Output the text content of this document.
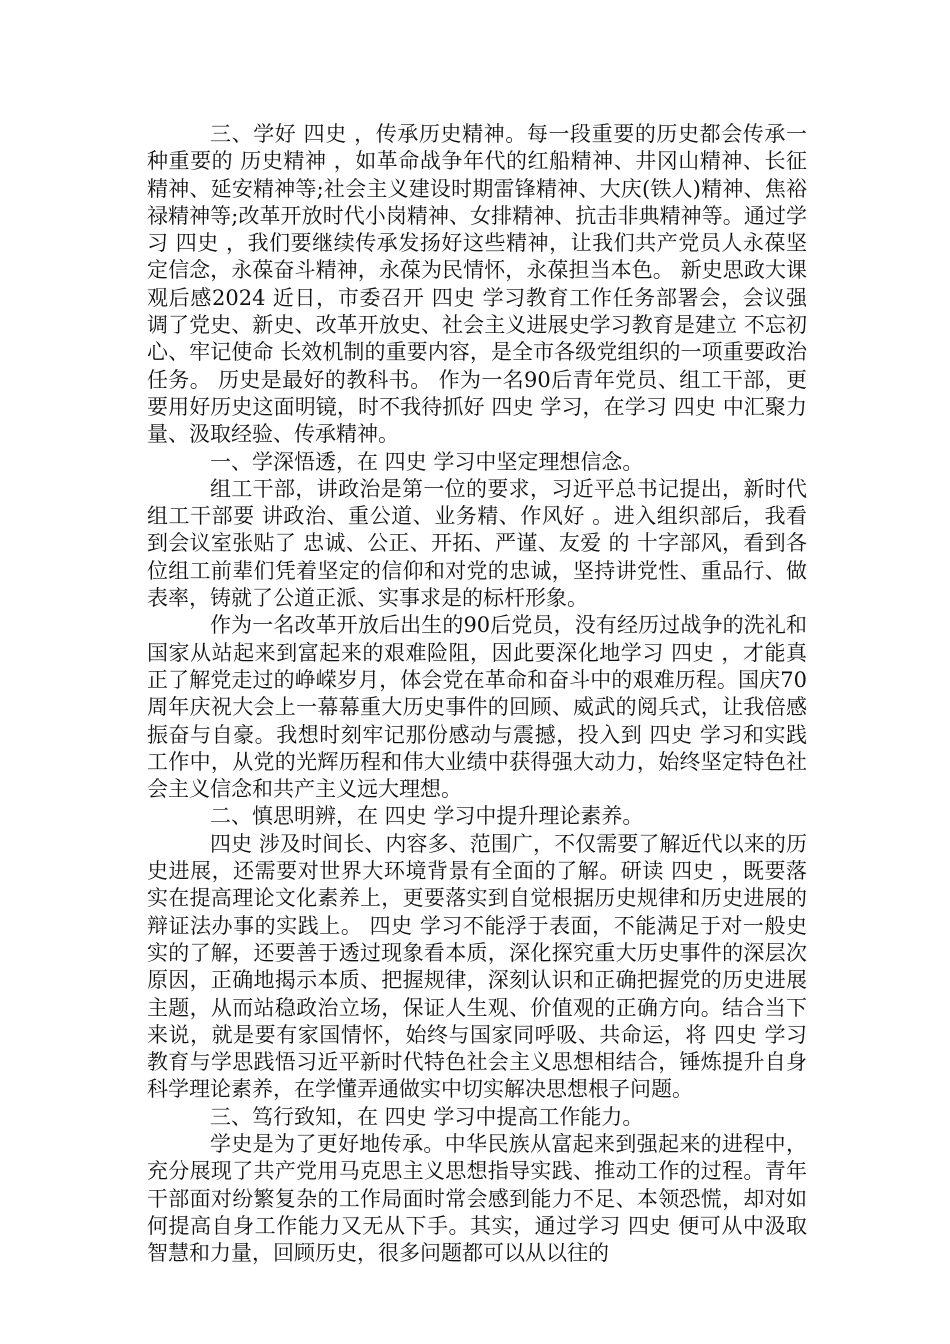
三、学好 四史 ，传承历史精神。每一段重要的历史都会传承一种重要的 历史精神 ，如革命战争年代的红船精神、井冈山精神、长征精神、延安精神等;社会主义建设时期雷锋精神、大庆(铁人)精神、焦裕禄精神等;改革开放时代小岗精神、女排精神、抗击非典精神等。通过学习 四史 ，我们要继续传承发扬好这些精神，让我们共产党员人永葆坚定信念，永葆奋斗精神，永葆为民情怀，永葆担当本色。 新史思政大课观后感2024 近日，市委召开 四史 学习教育工作任务部署会，会议强调了党史、新史、改革开放史、社会主义进展史学习教育是建立 不忘初心、牢记使命 长效机制的重要内容，是全市各级党组织的一项重要政治任务。 历史是最好的教科书。 作为一名90后青年党员、组工干部，更要用好历史这面明镜，时不我待抓好 四史 学习，在学习 四史 中汇聚力量、汲取经验、传承精神。

一、学深悟透，在 四史 学习中坚定理想信念。

组工干部，讲政治是第一位的要求，习近平总书记提出，新时代组工干部要 讲政治、重公道、业务精、作风好 。进入组织部后，我看到会议室张贴了 忠诚、公正、开拓、严谨、友爱 的 十字部风，看到各位组工前辈们凭着坚定的信仰和对党的忠诚，坚持讲党性、重品行、做表率，铸就了公道正派、实事求是的标杆形象。

作为一名改革开放后出生的90后党员，没有经历过战争的洗礼和国家从站起来到富起来的艰难险阻，因此要深化地学习 四史 ，才能真正了解党走过的峥嵘岁月，体会党在革命和奋斗中的艰难历程。国庆70周年庆祝大会上一幕幕重大历史事件的回顾、威武的阅兵式，让我倍感振奋与自豪。我想时刻牢记那份感动与震撼，投入到 四史 学习和实践工作中，从党的光辉历程和伟大业绩中获得强大动力，始终坚定特色社会主义信念和共产主义远大理想。

二、慎思明辨，在 四史 学习中提升理论素养。

四史 涉及时间长、内容多、范围广，不仅需要了解近代以来的历史进展，还需要对世界大环境背景有全面的了解。研读 四史 ，既要落实在提高理论文化素养上，更要落实到自觉根据历史规律和历史进展的辩证法办事的实践上。 四史 学习不能浮于表面，不能满足于对一般史实的了解，还要善于透过现象看本质，深化探究重大历史事件的深层次原因，正确地揭示本质、把握规律，深刻认识和正确把握党的历史进展主题，从而站稳政治立场，保证人生观、价值观的正确方向。结合当下来说，就是要有家国情怀，始终与国家同呼吸、共命运，将 四史 学习教育与学思践悟习近平新时代特色社会主义思想相结合，锤炼提升自身科学理论素养，在学懂弄通做实中切实解决思想根子问题。

三、笃行致知，在 四史 学习中提高工作能力。

学史是为了更好地传承。中华民族从富起来到强起来的进程中，充分展现了共产党用马克思主义思想指导实践、推动工作的过程。青年干部面对纷繁复杂的工作局面时常会感到能力不足、本领恐慌，却对如何提高自身工作能力又无从下手。其实，通过学习 四史 便可从中汲取智慧和力量，回顾历史，很多问题都可以从以往的
